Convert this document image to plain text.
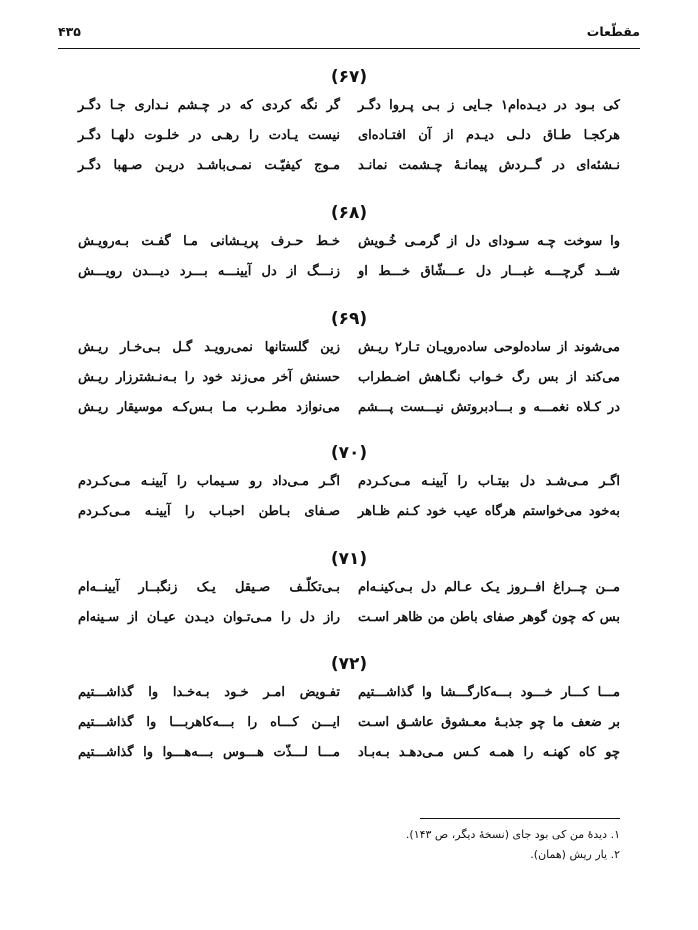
مقطّعات
۴۳۵
(۶۷)
کی بـود در دیـده‌ام۱ جـایی ز بـی پـروا دگـر
گر نگه کردی که در چـشم نـداری جـا دگـر
هرکجـا طـاق دلـی دیـدم از آن افتـاده‌ای
نیست یـادت را رهـی در خلـوت دلهـا دگـر
نـشئه‌ای در گــردش پیمانـهٔ چـشمت نمانـد
مـوج کیفیّـت نمـی‌باشـد دریـن صـهبا دگـر
(۶۸)
وا سوخت چـه سـودای دل از گرمـی خُـویش
خـط حـرف پریـشانی مـا گفـت بـه‌رویـش
شــد گرچـــه غبـــار دل عـــشّاق خـــط او
زنـــگ از دل آیینـــه بـــرد دیـــدن رویـــش
(۶۹)
می‌شوند از ساده‌لوحی ساده‌رویـان تـار۲ ریـش
زین گلستانها نمی‌رویـد گـل بـی‌خـار ریـش
می‌کند از بس رگ خـواب نگـاهش اضـطراب
حسنش آخر می‌زند خود را بـه‌نـشترزار ریـش
در کـلاه نغمـــه و بـــادبروتش نیـــست پـــشم
می‌نوازد مطـرب مـا بـس‌کـه موسیقار ریـش
(۷۰)
اگـر مـی‌شـد دل بیتـاب را آیینـه مـی‌کـردم
اگـر مـی‌داد رو سـیماب را آیینـه مـی‌کـردم
به‌خود می‌خواستم هرگاه عیب خود کـنم ظـاهر
صـفای بـاطن احبـاب را آیینـه مـی‌کـردم
(۷۱)
مــن چــراغ افــروز یـک عـالم دل بـی‌کینـه‌ام
بـی‌تکلّـف صـیقل یـک زنگبــار آیینــه‌ام
بس که چون گوهر صفای باطن من ظاهر اسـت
راز دل را مـی‌تـوان دیـدن عیـان از سـینه‌ام
(۷۲)
مـــا کـــار خـــود بـــه‌کارگـــشا وا گذاشـــتیم
تفـویض امـر خـود بـه‌خـدا وا گذاشـــتیم
بر ضعف ما چو جذبـهٔ معـشوق عاشـق اسـت
ایـــن کـــاه را بـــه‌کاهربـــا وا گذاشـــتیم
چو کاه کهنـه را همـه کـس مـی‌دهـد بـه‌بـاد
مـــا لـــذّت هـــوس بـــه‌هـــوا وا گذاشـــتیم
۱. دیدهٔ من کی بود جای (نسخهٔ دیگر، ص ۱۴۳).
۲. یار ریش (همان).
